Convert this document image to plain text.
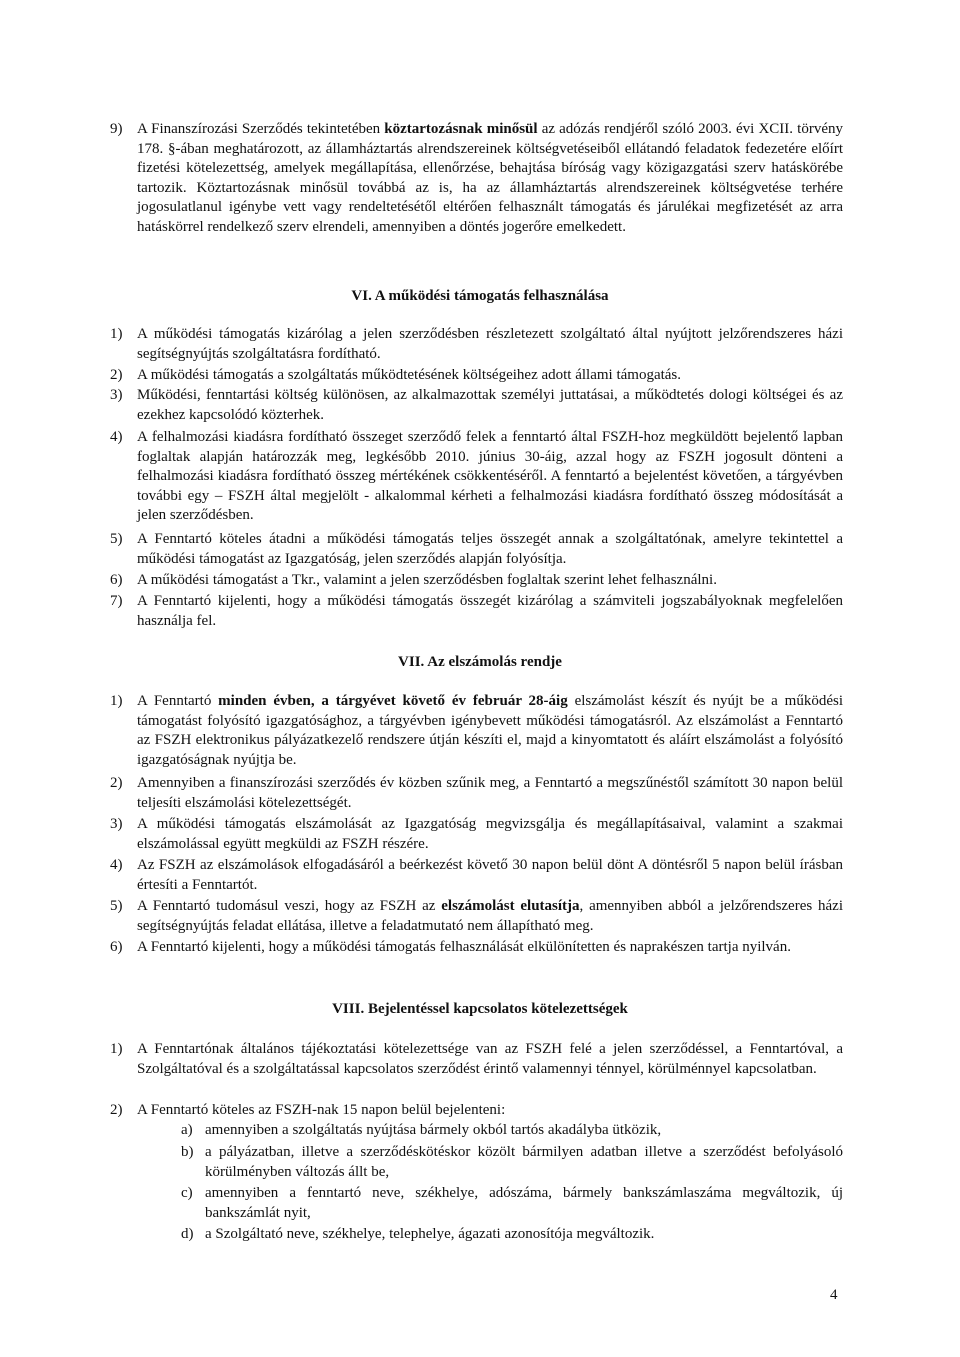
9) A Finanszírozási Szerződés tekintetében köztartozásnak minősül az adózás rendjéről szóló 2003. évi XCII. törvény 178. §-ában meghatározott, az államháztartás alrendszereinek költségvetéseiből ellátandó feladatok fedezetére előírt fizetési kötelezettség, amelyek megállapítása, ellenőrzése, behajtása bíróság vagy közigazgatási szerv hatáskörébe tartozik. Köztartozásnak minősül továbbá az is, ha az államháztartás alrendszereinek költségvetése terhére jogosulatlanul igénybe vett vagy rendeltetésétől eltérően felhasznált támogatás és járulékai megfizetését az arra hatáskörrel rendelkező szerv elrendeli, amennyiben a döntés jogerőre emelkedett.
VI. A működési támogatás felhasználása
1) A működési támogatás kizárólag a jelen szerződésben részletezett szolgáltató által nyújtott jelzőrendszeres házi segítségnyújtás szolgáltatásra fordítható.
2) A működési támogatás a szolgáltatás működtetésének költségeihez adott állami támogatás.
3) Működési, fenntartási költség különösen, az alkalmazottak személyi juttatásai, a működtetés dologi költségei és az ezekhez kapcsolódó közterhek.
4) A felhalmozási kiadásra fordítható összeget szerződő felek a fenntartó által FSZH-hoz megküldött bejelentő lapban foglaltak alapján határozzák meg, legkésőbb 2010. június 30-áig, azzal hogy az FSZH jogosult dönteni a felhalmozási kiadásra fordítható összeg mértékének csökkentéséről. A fenntartó a bejelentést követően, a tárgyévben további egy – FSZH által megjelölt - alkalommal kérheti a felhalmozási kiadásra fordítható összeg módosítását a jelen szerződésben.
5) A Fenntartó köteles átadni a működési támogatás teljes összegét annak a szolgáltatónak, amelyre tekintettel a működési támogatást az Igazgatóság, jelen szerződés alapján folyósítja.
6) A működési támogatást a Tkr., valamint a jelen szerződésben foglaltak szerint lehet felhasználni.
7) A Fenntartó kijelenti, hogy a működési támogatás összegét kizárólag a számviteli jogszabályoknak megfelelően használja fel.
VII. Az elszámolás rendje
1) A Fenntartó minden évben, a tárgyévet követő év február 28-áig elszámolást készít és nyújt be a működési támogatást folyósító igazgatósághoz, a tárgyévben igénybevett működési támogatásról. Az elszámolást a Fenntartó az FSZH elektronikus pályázatkezelő rendszere útján készíti el, majd a kinyomtatott és aláírt elszámolást a folyósító igazgatóságnak nyújtja be.
2) Amennyiben a finanszírozási szerződés év közben szűnik meg, a Fenntartó a megszűnéstől számított 30 napon belül teljesíti elszámolási kötelezettségét.
3) A működési támogatás elszámolását az Igazgatóság megvizsgálja és megállapításaival, valamint a szakmai elszámolással együtt megküldi az FSZH részére.
4) Az FSZH az elszámolások elfogadásáról a beérkezést követő 30 napon belül dönt A döntésről 5 napon belül írásban értesíti a Fenntartót.
5) A Fenntartó tudomásul veszi, hogy az FSZH az elszámolást elutasítja, amennyiben abból a jelzőrendszeres házi segítségnyújtás feladat ellátása, illetve a feladatmutató nem állapítható meg.
6) A Fenntartó kijelenti, hogy a működési támogatás felhasználását elkülönítetten és naprakészen tartja nyilván.
VIII. Bejelentéssel kapcsolatos kötelezettségek
1) A Fenntartónak általános tájékoztatási kötelezettsége van az FSZH felé a jelen szerződéssel, a Fenntartóval, a Szolgáltatóval és a szolgáltatással kapcsolatos szerződést érintő valamennyi ténnyel, körülménnyel kapcsolatban.
2) A Fenntartó köteles az FSZH-nak 15 napon belül bejelenteni:
a) amennyiben a szolgáltatás nyújtása bármely okból tartós akadályba ütközik,
b) a pályázatban, illetve a szerződéskötéskor közölt bármilyen adatban illetve a szerződést befolyásoló körülményben változás állt be,
c) amennyiben a fenntartó neve, székhelye, adószáma, bármely bankszámlaszáma megváltozik, új bankszámlát nyit,
d) a Szolgáltató neve, székhelye, telephelye, ágazati azonosítója megváltozik.
4
